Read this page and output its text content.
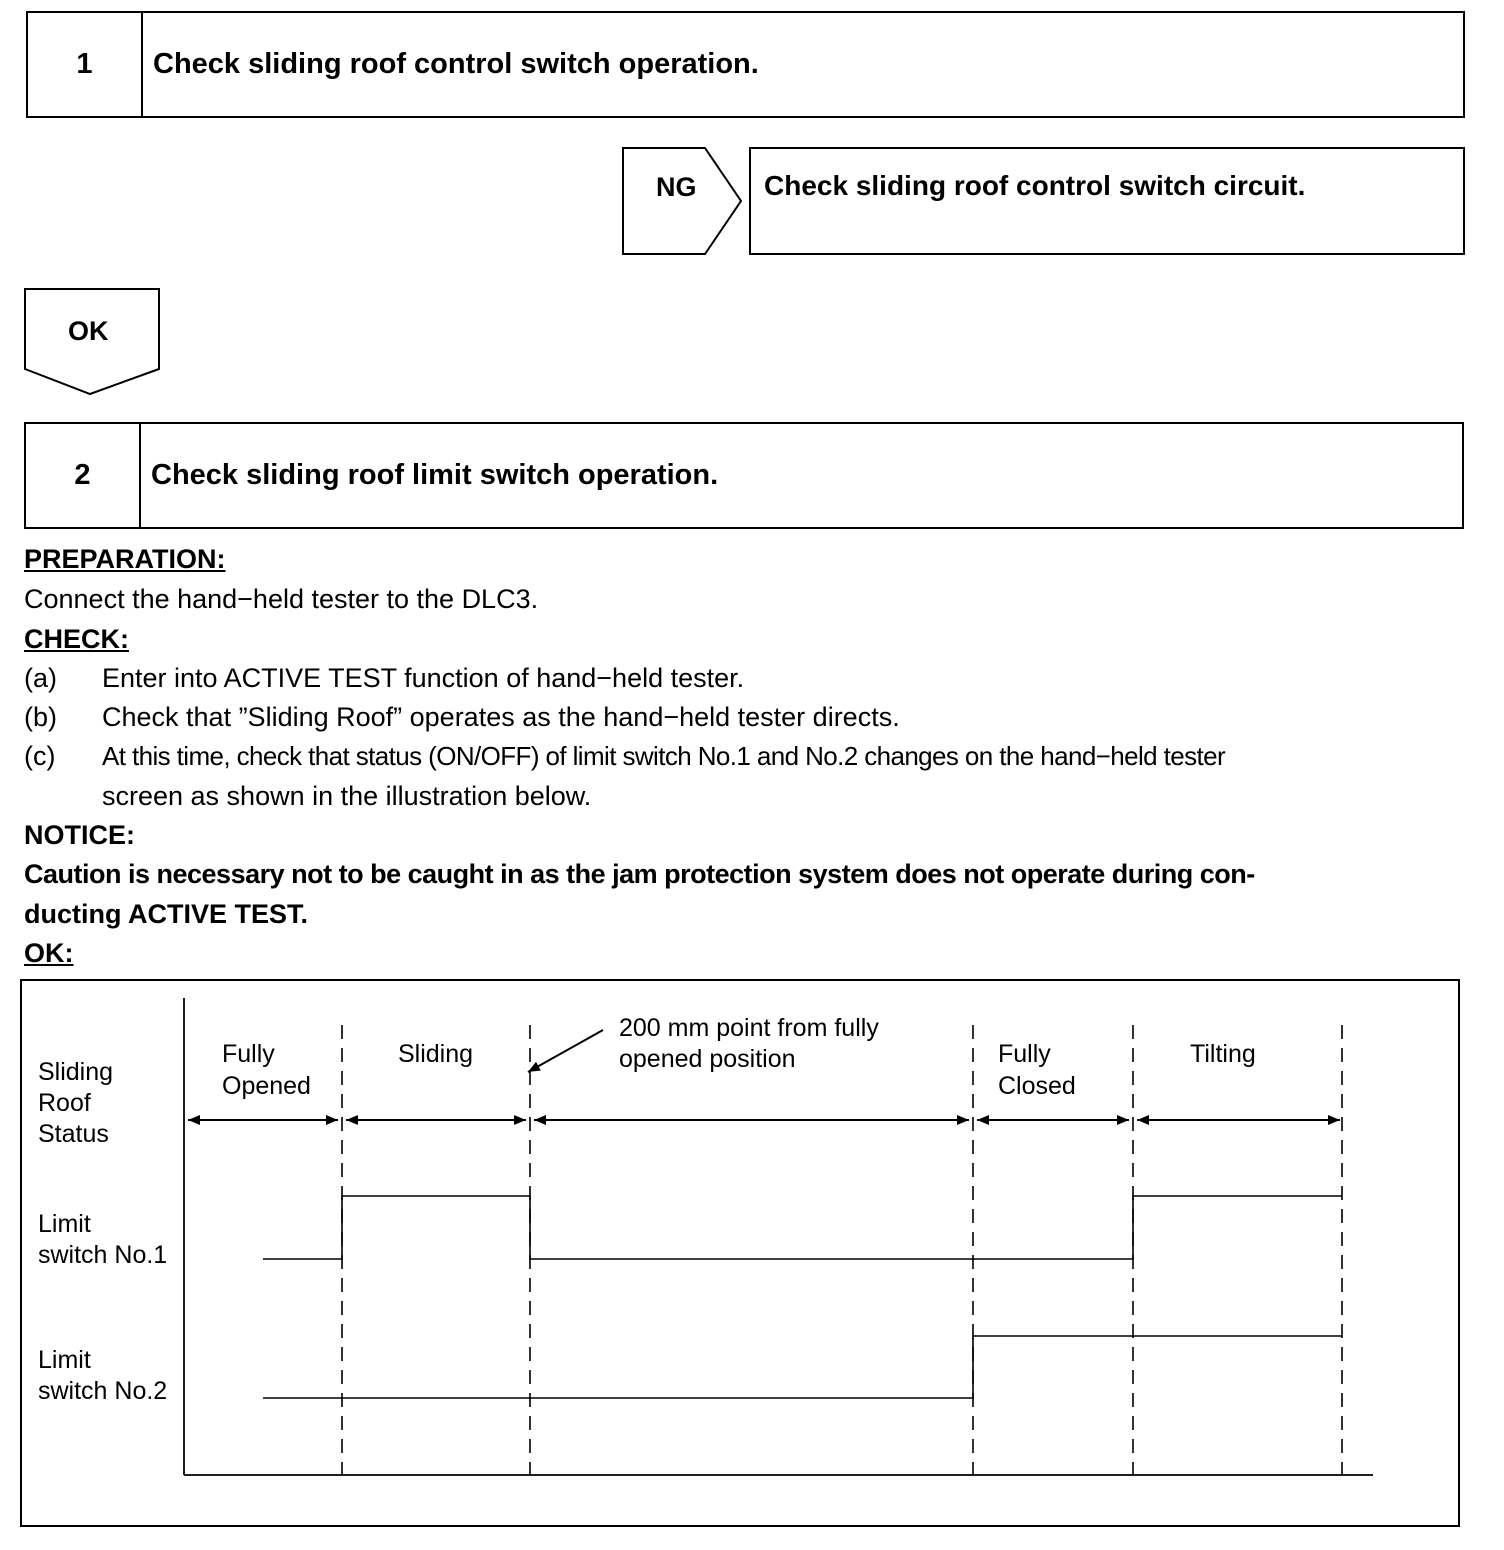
1	Check sliding roof control switch operation.
NG Check sliding roof control switch circuit.
OK
2	Check sliding roof limit switch operation.
PREPARATION:
Connect the hand−held tester to the DLC3.
CHECK:
(a) Enter into ACTIVE TEST function of hand−held tester.
(b) Check that ”Sliding Roof” operates as the hand−held tester directs.
(c) At this time, check that status (ON/OFF) of limit switch No.1 and No.2 changes on the hand−held tester
screen as shown in the illustration below.
NOTICE:
Caution is necessary not to be caught in as the jam protection system does not operate during con-
ducting ACTIVE TEST.
OK:
Sliding
Roof
Status
Limit
switch No.1
Limit
switch No.2
Fully
Opened
Sliding
200 mm point from fully
opened position	Fully
Closed
Tilting
